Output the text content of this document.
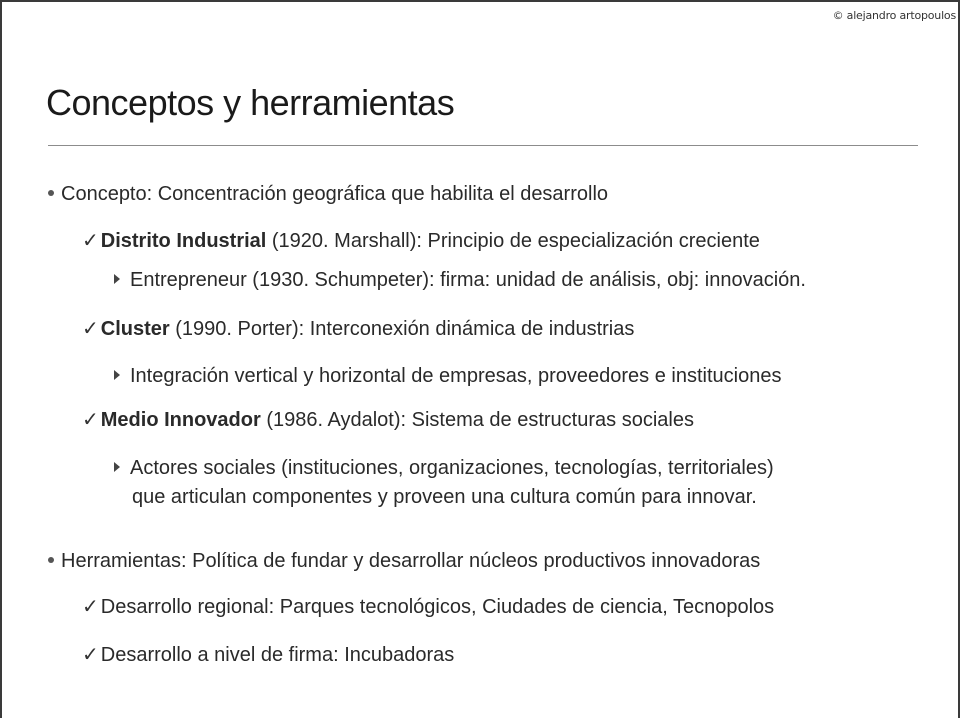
© alejandro artopoulos
Conceptos y herramientas
Concepto: Concentración geográfica que habilita el desarrollo
✓ Distrito Industrial (1920. Marshall): Principio de especialización creciente
Entrepreneur (1930. Schumpeter): firma: unidad de análisis, obj: innovación.
✓ Cluster (1990. Porter): Interconexión dinámica de industrias
Integración vertical y horizontal de empresas, proveedores e instituciones
✓ Medio Innovador (1986. Aydalot): Sistema de estructuras sociales
Actores sociales (instituciones, organizaciones, tecnologías, territoriales)
que articulan componentes y proveen una cultura común para innovar.
Herramientas: Política de fundar y desarrollar núcleos productivos innovadoras
✓ Desarrollo regional: Parques tecnológicos, Ciudades de ciencia, Tecnopolos
✓ Desarrollo a nivel de firma: Incubadoras
